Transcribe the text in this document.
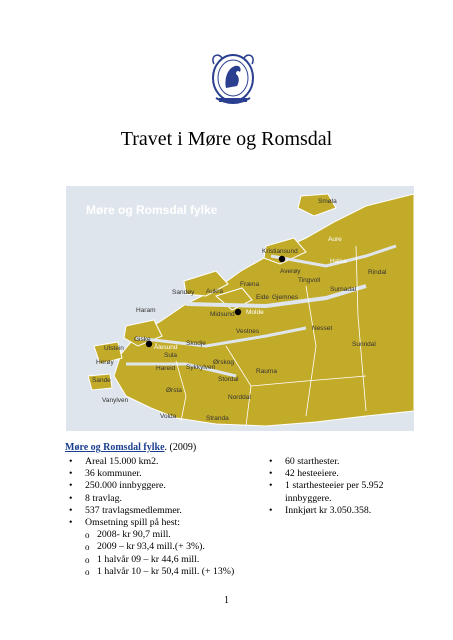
Travet i Møre og Romsdal
Møre og Romsdal fylke
Smøla
Kristiansund
Aure
Averøy
Halsa
Tingvoll
Rindal
Surnadal
Sandøy Aukra
Fræna
Eide Gjemnes
Haram
Midsund Molde
Giske
Ålesund
Vestnes	Nesset
Sunndal
Ulstein
Sula
Skodje
Herøy
Hareid
Ørskog
Sande
Sykkylven
Stordal
Rauma
Vanylven
Ørsta
Norddal
Volda	Stranda
Møre og Romsdal fylke. (2009)
• Areal 15.000 km2.
• 36 kommuner.
• 250.000 innbyggere.
• 8 travlag.
• 537 travlagsmedlemmer.
• Omsetning spill på hest:
o 2008- kr 90,7 mill.
o 2009 – kr 93,4 mill.(+ 3%).
o 1 halvår 09 – kr 44,6 mill.
o 1 halvår 10 – kr 50,4 mill. (+ 13%)
• 60 starthester.
• 42 hesteeiere.
• 1 starthesteeier per 5.952 innbyggere.
• Innkjørt kr 3.050.358.
1
